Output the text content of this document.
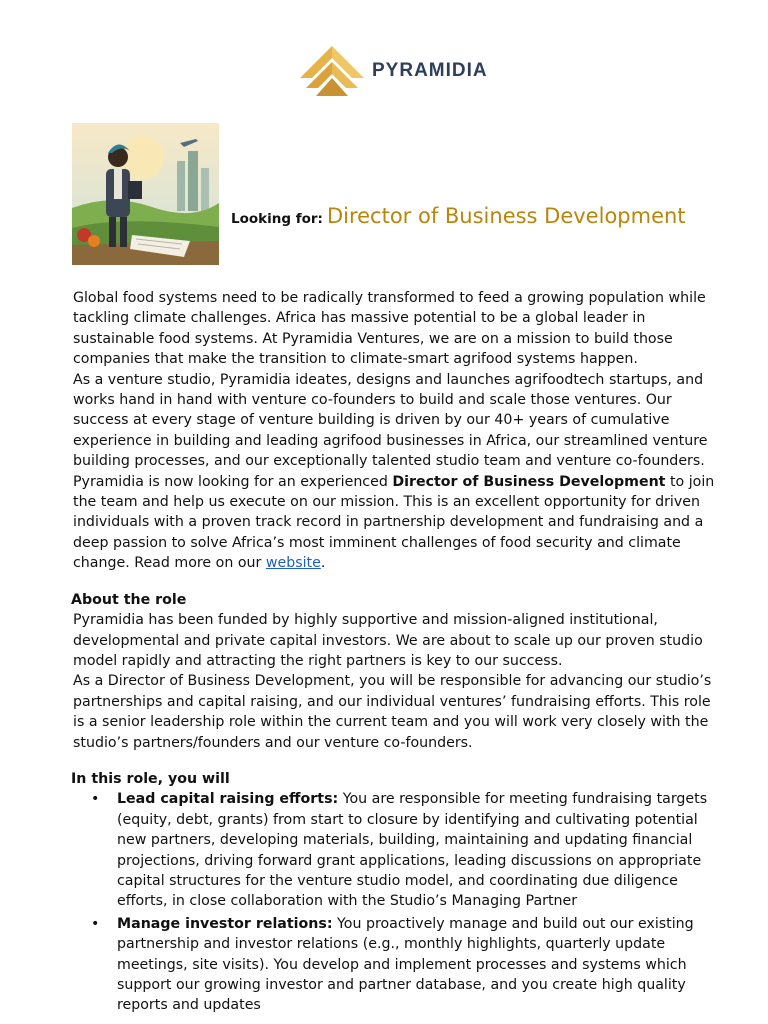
PYRAMIDIA
Looking for: Director of Business Development

Global food systems need to be radically transformed to feed a growing population while tackling climate challenges. Africa has massive potential to be a global leader in sustainable food systems. At Pyramidia Ventures, we are on a mission to build those companies that make the transition to climate-smart agrifood systems happen.

As a venture studio, Pyramidia ideates, designs and launches agrifoodtech startups, and works hand in hand with venture co-founders to build and scale those ventures. Our success at every stage of venture building is driven by our 40+ years of cumulative experience in building and leading agrifood businesses in Africa, our streamlined venture building processes, and our exceptionally talented studio team and venture co-founders. Pyramidia is now looking for an experienced Director of Business Development to join the team and help us execute on our mission. This is an excellent opportunity for driven individuals with a proven track record in partnership development and fundraising and a deep passion to solve Africa’s most imminent challenges of food security and climate change. Read more on our website.

About the role

Pyramidia has been funded by highly supportive and mission-aligned institutional, developmental and private capital investors. We are about to scale up our proven studio model rapidly and attracting the right partners is key to our success.

As a Director of Business Development, you will be responsible for advancing our studio’s partnerships and capital raising, and our individual ventures’ fundraising efforts. This role is a senior leadership role within the current team and you will work very closely with the studio’s partners/founders and our venture co-founders.

In this role, you will

• Lead capital raising efforts: You are responsible for meeting fundraising targets (equity, debt, grants) from start to closure by identifying and cultivating potential new partners, developing materials, building, maintaining and updating financial projections, driving forward grant applications, leading discussions on appropriate capital structures for the venture studio model, and coordinating due diligence efforts, in close collaboration with the Studio’s Managing Partner
• Manage investor relations: You proactively manage and build out our existing partnership and investor relations (e.g., monthly highlights, quarterly update meetings, site visits). You develop and implement processes and systems which support our growing investor and partner database, and you create high quality reports and updates
